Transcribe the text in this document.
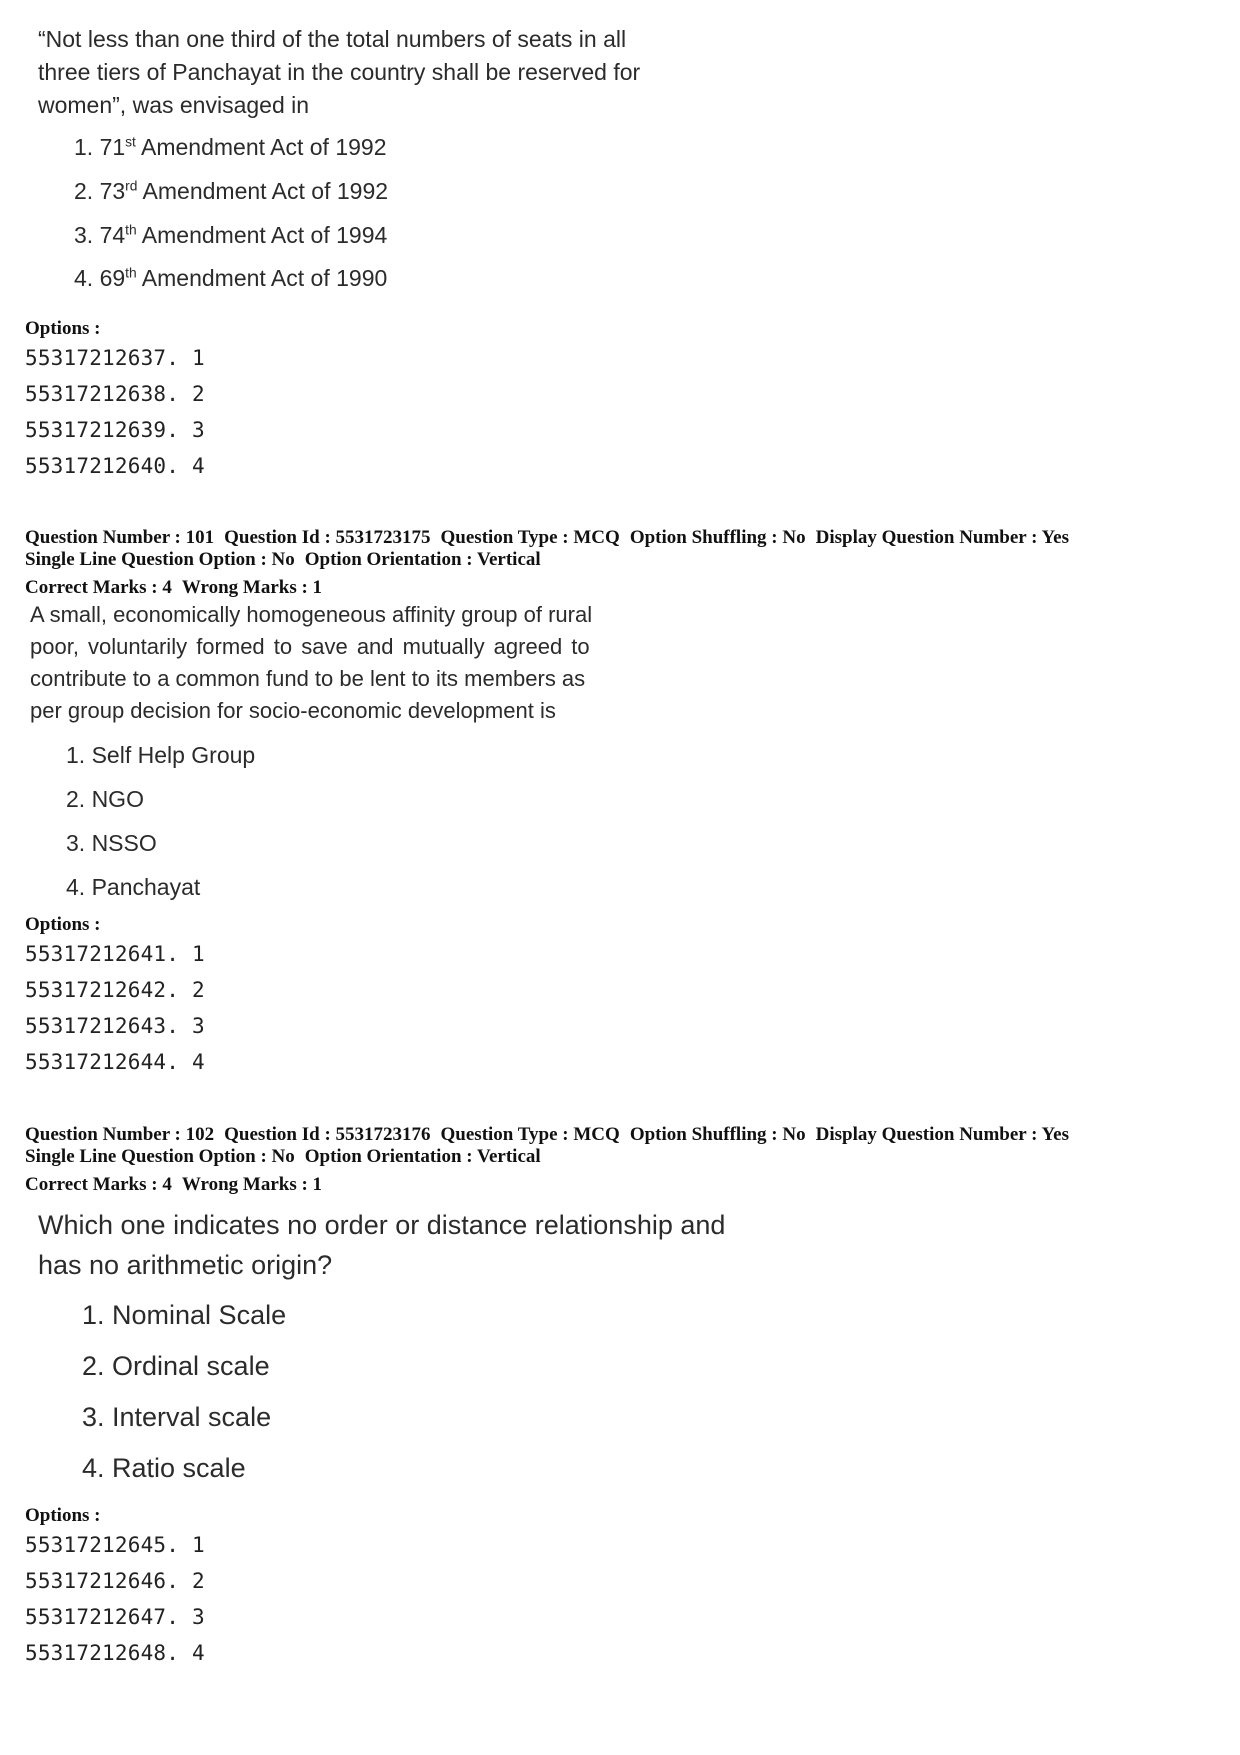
“Not less than one third of the total numbers of seats in all
three tiers of Panchayat in the country shall be reserved for
women”, was envisaged in
1. 71st Amendment Act of 1992
2. 73rd Amendment Act of 1992
3. 74th Amendment Act of 1994
4. 69th Amendment Act of 1990
Options :
55317212637. 1
55317212638. 2
55317212639. 3
55317212640. 4
Question Number : 101 Question Id : 5531723175 Question Type : MCQ Option Shuffling : No Display Question Number : Yes
Single Line Question Option : No Option Orientation : Vertical
Correct Marks : 4 Wrong Marks : 1
A small, economically homogeneous affinity group of rural
poor, voluntarily formed to save and mutually agreed to
contribute to a common fund to be lent to its members as
per group decision for socio-economic development is
1. Self Help Group
2. NGO
3. NSSO
4. Panchayat
Options :
55317212641. 1
55317212642. 2
55317212643. 3
55317212644. 4
Question Number : 102 Question Id : 5531723176 Question Type : MCQ Option Shuffling : No Display Question Number : Yes
Single Line Question Option : No Option Orientation : Vertical
Correct Marks : 4 Wrong Marks : 1
Which one indicates no order or distance relationship and
has no arithmetic origin?
1. Nominal Scale
2. Ordinal scale
3. Interval scale
4. Ratio scale
Options :
55317212645. 1
55317212646. 2
55317212647. 3
55317212648. 4
